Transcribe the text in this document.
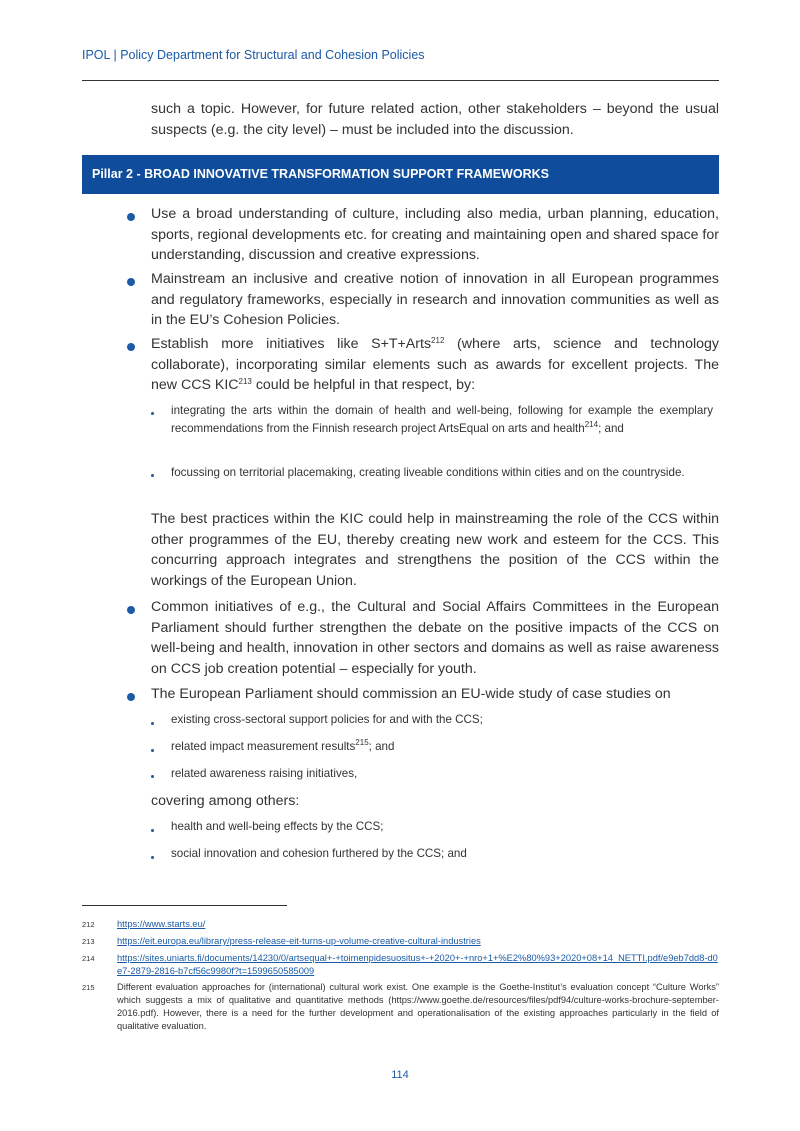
IPOL | Policy Department for Structural and Cohesion Policies

such a topic. However, for future related action, other stakeholders – beyond the usual suspects (e.g. the city level) – must be included into the discussion.

Pillar 2 - BROAD INNOVATIVE TRANSFORMATION SUPPORT FRAMEWORKS

Use a broad understanding of culture, including also media, urban planning, education, sports, regional developments etc. for creating and maintaining open and shared space for understanding, discussion and creative expressions.

Mainstream an inclusive and creative notion of innovation in all European programmes and regulatory frameworks, especially in research and innovation communities as well as in the EU’s Cohesion Policies.

Establish more initiatives like S+T+Arts$^{212}$ (where arts, science and technology collaborate), incorporating similar elements such as awards for excellent projects. The new CCS KIC$^{213}$ could be helpful in that respect, by:

integrating the arts within the domain of health and well-being, following for example the exemplary recommendations from the Finnish research project ArtsEqual on arts and health$^{214}$; and

focussing on territorial placemaking, creating liveable conditions within cities and on the countryside.

The best practices within the KIC could help in mainstreaming the role of the CCS within other programmes of the EU, thereby creating new work and esteem for the CCS. This concurring approach integrates and strengthens the position of the CCS within the workings of the European Union.

Common initiatives of e.g., the Cultural and Social Affairs Committees in the European Parliament should further strengthen the debate on the positive impacts of the CCS on well-being and health, innovation in other sectors and domains as well as raise awareness on CCS job creation potential – especially for youth.

The European Parliament should commission an EU-wide study of case studies on

existing cross-sectoral support policies for and with the CCS;

related impact measurement results$^{215}$; and

related awareness raising initiatives,

covering among others:

health and well-being effects by the CCS;

social innovation and cohesion furthered by the CCS; and

212 https://www.starts.eu/

213 https://eit.europa.eu/library/press-release-eit-turns-up-volume-creative-cultural-industries

214 https://sites.uniarts.fi/documents/14230/0/artsequal+-+toimenpidesuositus+-+2020+-+nro+1+%E2%80%93+2020+08+14_NETTI.pdf/e9eb7dd8-d0e7-2879-2816-b7cf56c9980f?t=1599650585009

215 Different evaluation approaches for (international) cultural work exist. One example is the Goethe-Institut’s evaluation concept “Culture Works” which suggests a mix of qualitative and quantitative methods (https://www.goethe.de/resources/files/pdf94/culture-works-brochure-september-2016.pdf). However, there is a need for the further development and operationalisation of the existing approaches particularly in the field of qualitative evaluation.

114
